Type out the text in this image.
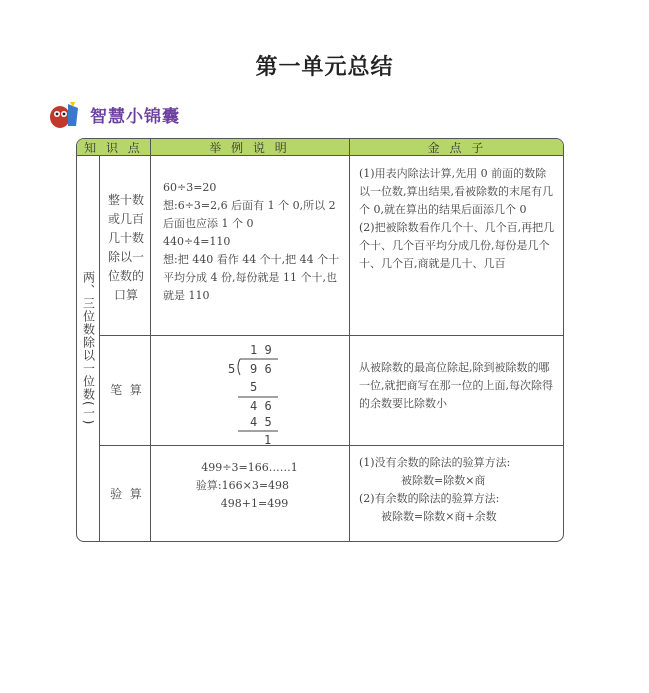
第一单元总结
智慧小锦囊
知 识 点	举 例 说 明	金 点 子
两、三位数除以一位数(一)
整十数或几百几十数除以一位数的口算
60÷3=20
想:6÷3=2,6 后面有 1 个 0,所以 2 后面也应添 1 个 0
440÷4=110
想:把 440 看作 44 个十,把 44 个十平均分成 4 份,每份就是 11 个十,也就是 110
(1)用表内除法计算,先用 0 前面的数除以一位数,算出结果,看被除数的末尾有几个 0,就在算出的结果后面添几个 0
(2)把被除数看作几个十、几个百,再把几个十、几个百平均分成几份,每份是几个十、几个百,商就是几十、几百
笔  算
1 9
5 9 6
5
4 6
4 5
1
从被除数的最高位除起,除到被除数的哪一位,就把商写在那一位的上面,每次除得的余数要比除数小
验  算
499÷3=166……1
验算:166×3=498
498+1=499
(1)没有余数的除法的验算方法:
被除数=除数×商
(2)有余数的除法的验算方法:
被除数=除数×商+余数
